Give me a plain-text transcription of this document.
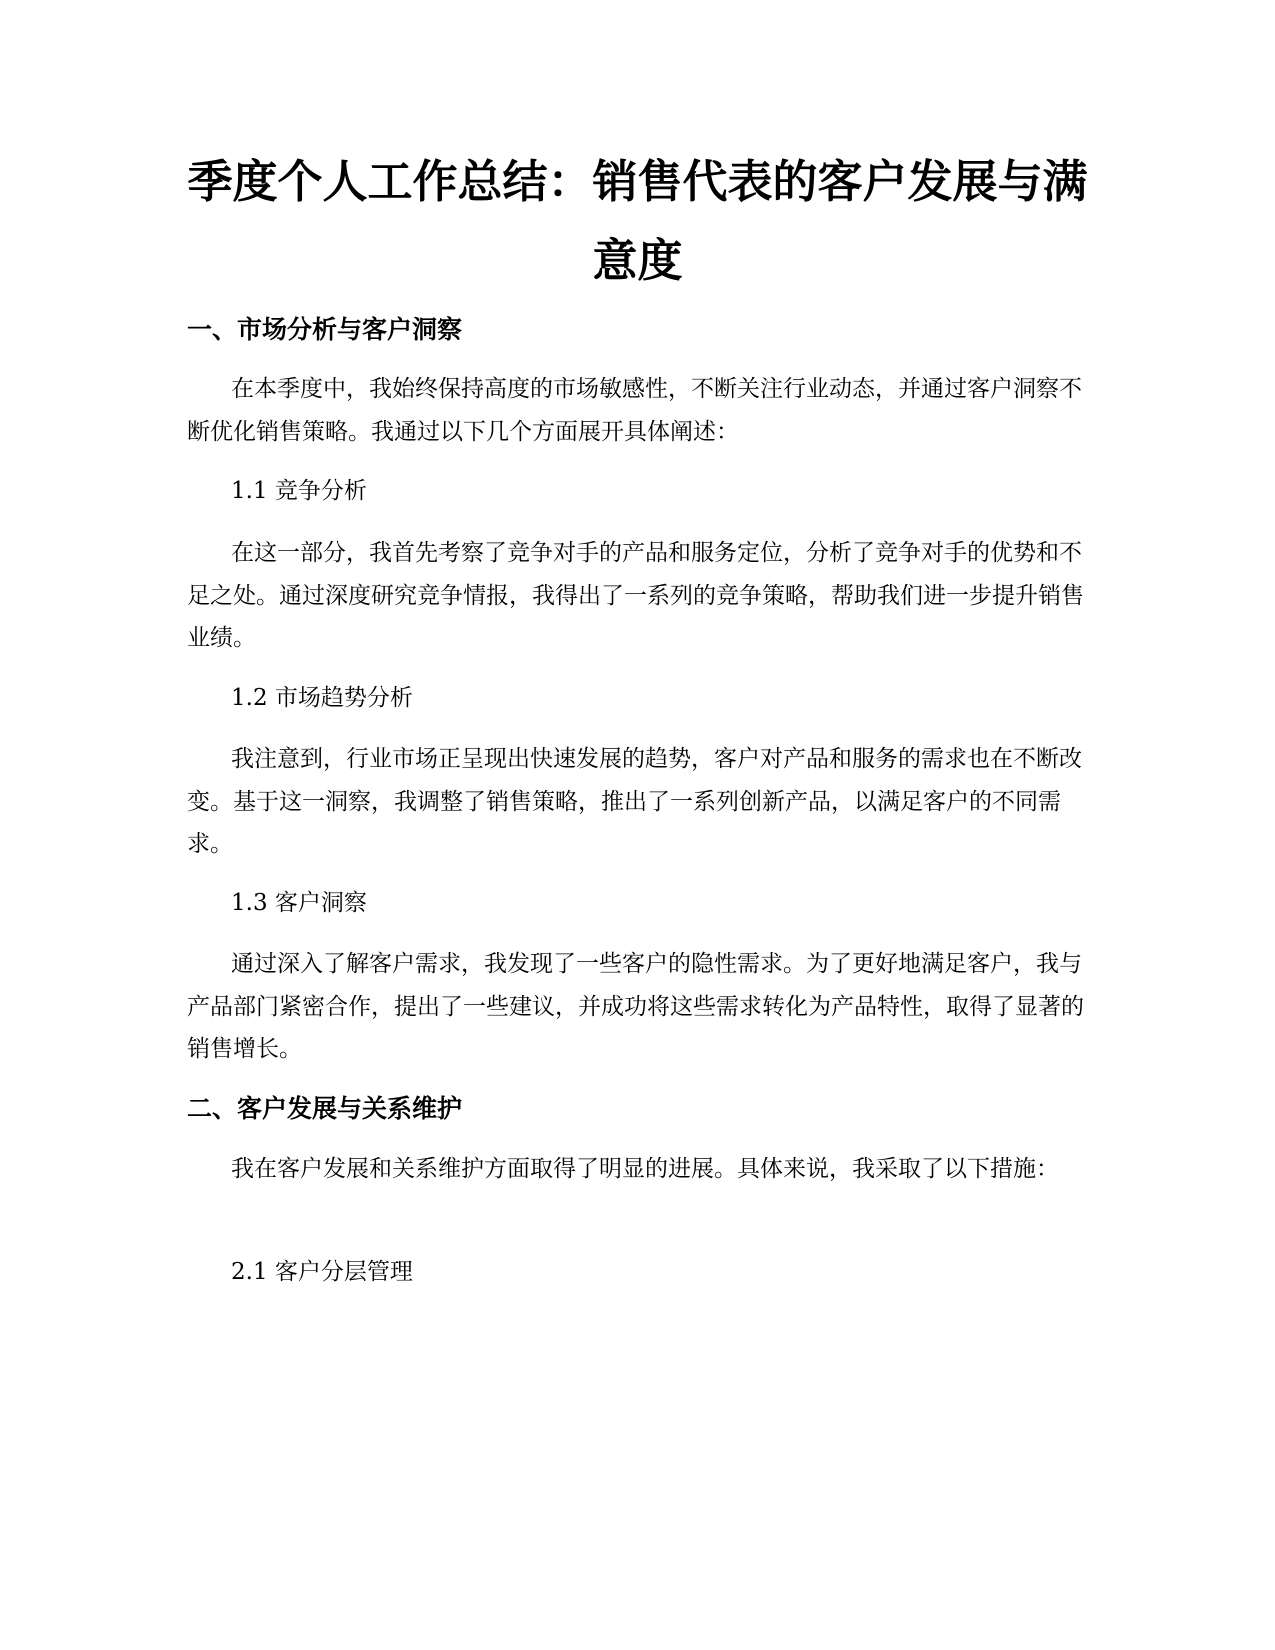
季度个人工作总结：销售代表的客户发展与满意度
一、市场分析与客户洞察

在本季度中，我始终保持高度的市场敏感性，不断关注行业动态，并通过客户洞察不断优化销售策略。我通过以下几个方面展开具体阐述：

1.1 竞争分析

在这一部分，我首先考察了竞争对手的产品和服务定位，分析了竞争对手的优势和不足之处。通过深度研究竞争情报，我得出了一系列的竞争策略，帮助我们进一步提升销售业绩。

1.2 市场趋势分析

我注意到，行业市场正呈现出快速发展的趋势，客户对产品和服务的需求也在不断改变。基于这一洞察，我调整了销售策略，推出了一系列创新产品，以满足客户的不同需求。

1.3 客户洞察

通过深入了解客户需求，我发现了一些客户的隐性需求。为了更好地满足客户，我与产品部门紧密合作，提出了一些建议，并成功将这些需求转化为产品特性，取得了显著的销售增长。

二、客户发展与关系维护

我在客户发展和关系维护方面取得了明显的进展。具体来说，我采取了以下措施：

2.1 客户分层管理
